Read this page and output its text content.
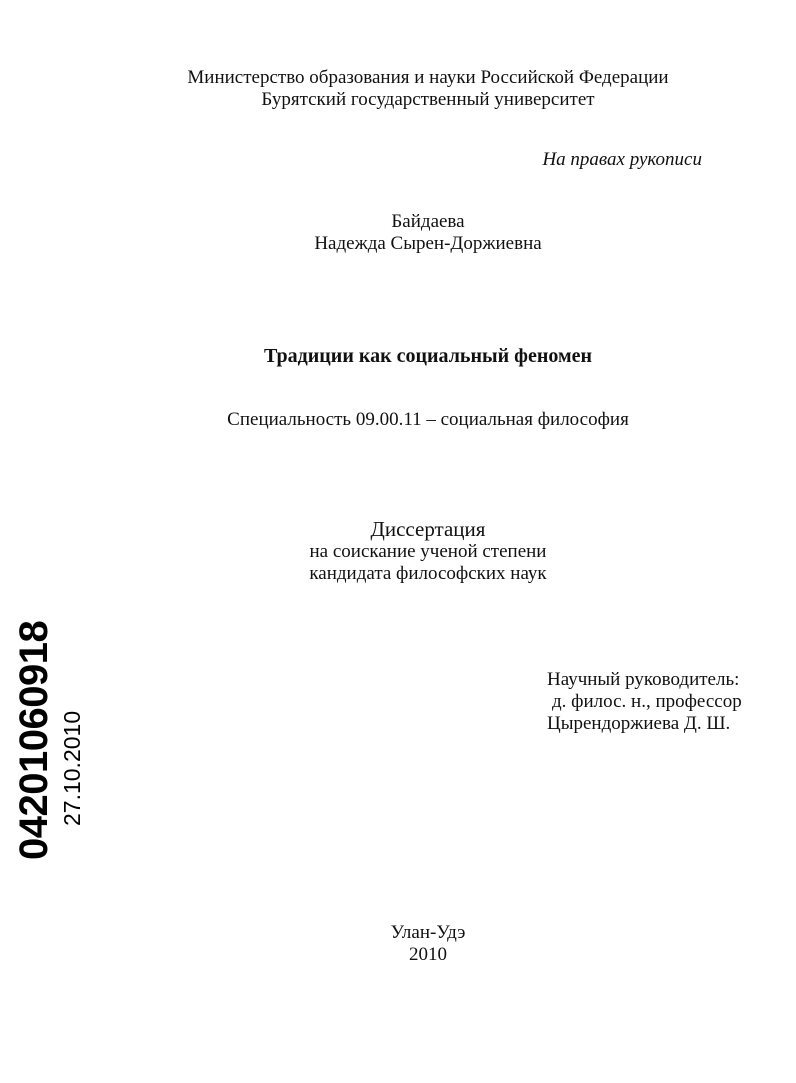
Министерство образования и науки Российской Федерации
Бурятский государственный университет
На правах рукописи
Байдаева
Надежда Сырен-Доржиевна
Традиции как социальный феномен
Специальность 09.00.11 – социальная философия
Диссертация
на соискание ученой степени
кандидата философских наук
Научный руководитель:
д. филос. н., профессор
Цырендоржиева Д. Ш.
Улан-Удэ
2010
04201060918 27.10.2010
